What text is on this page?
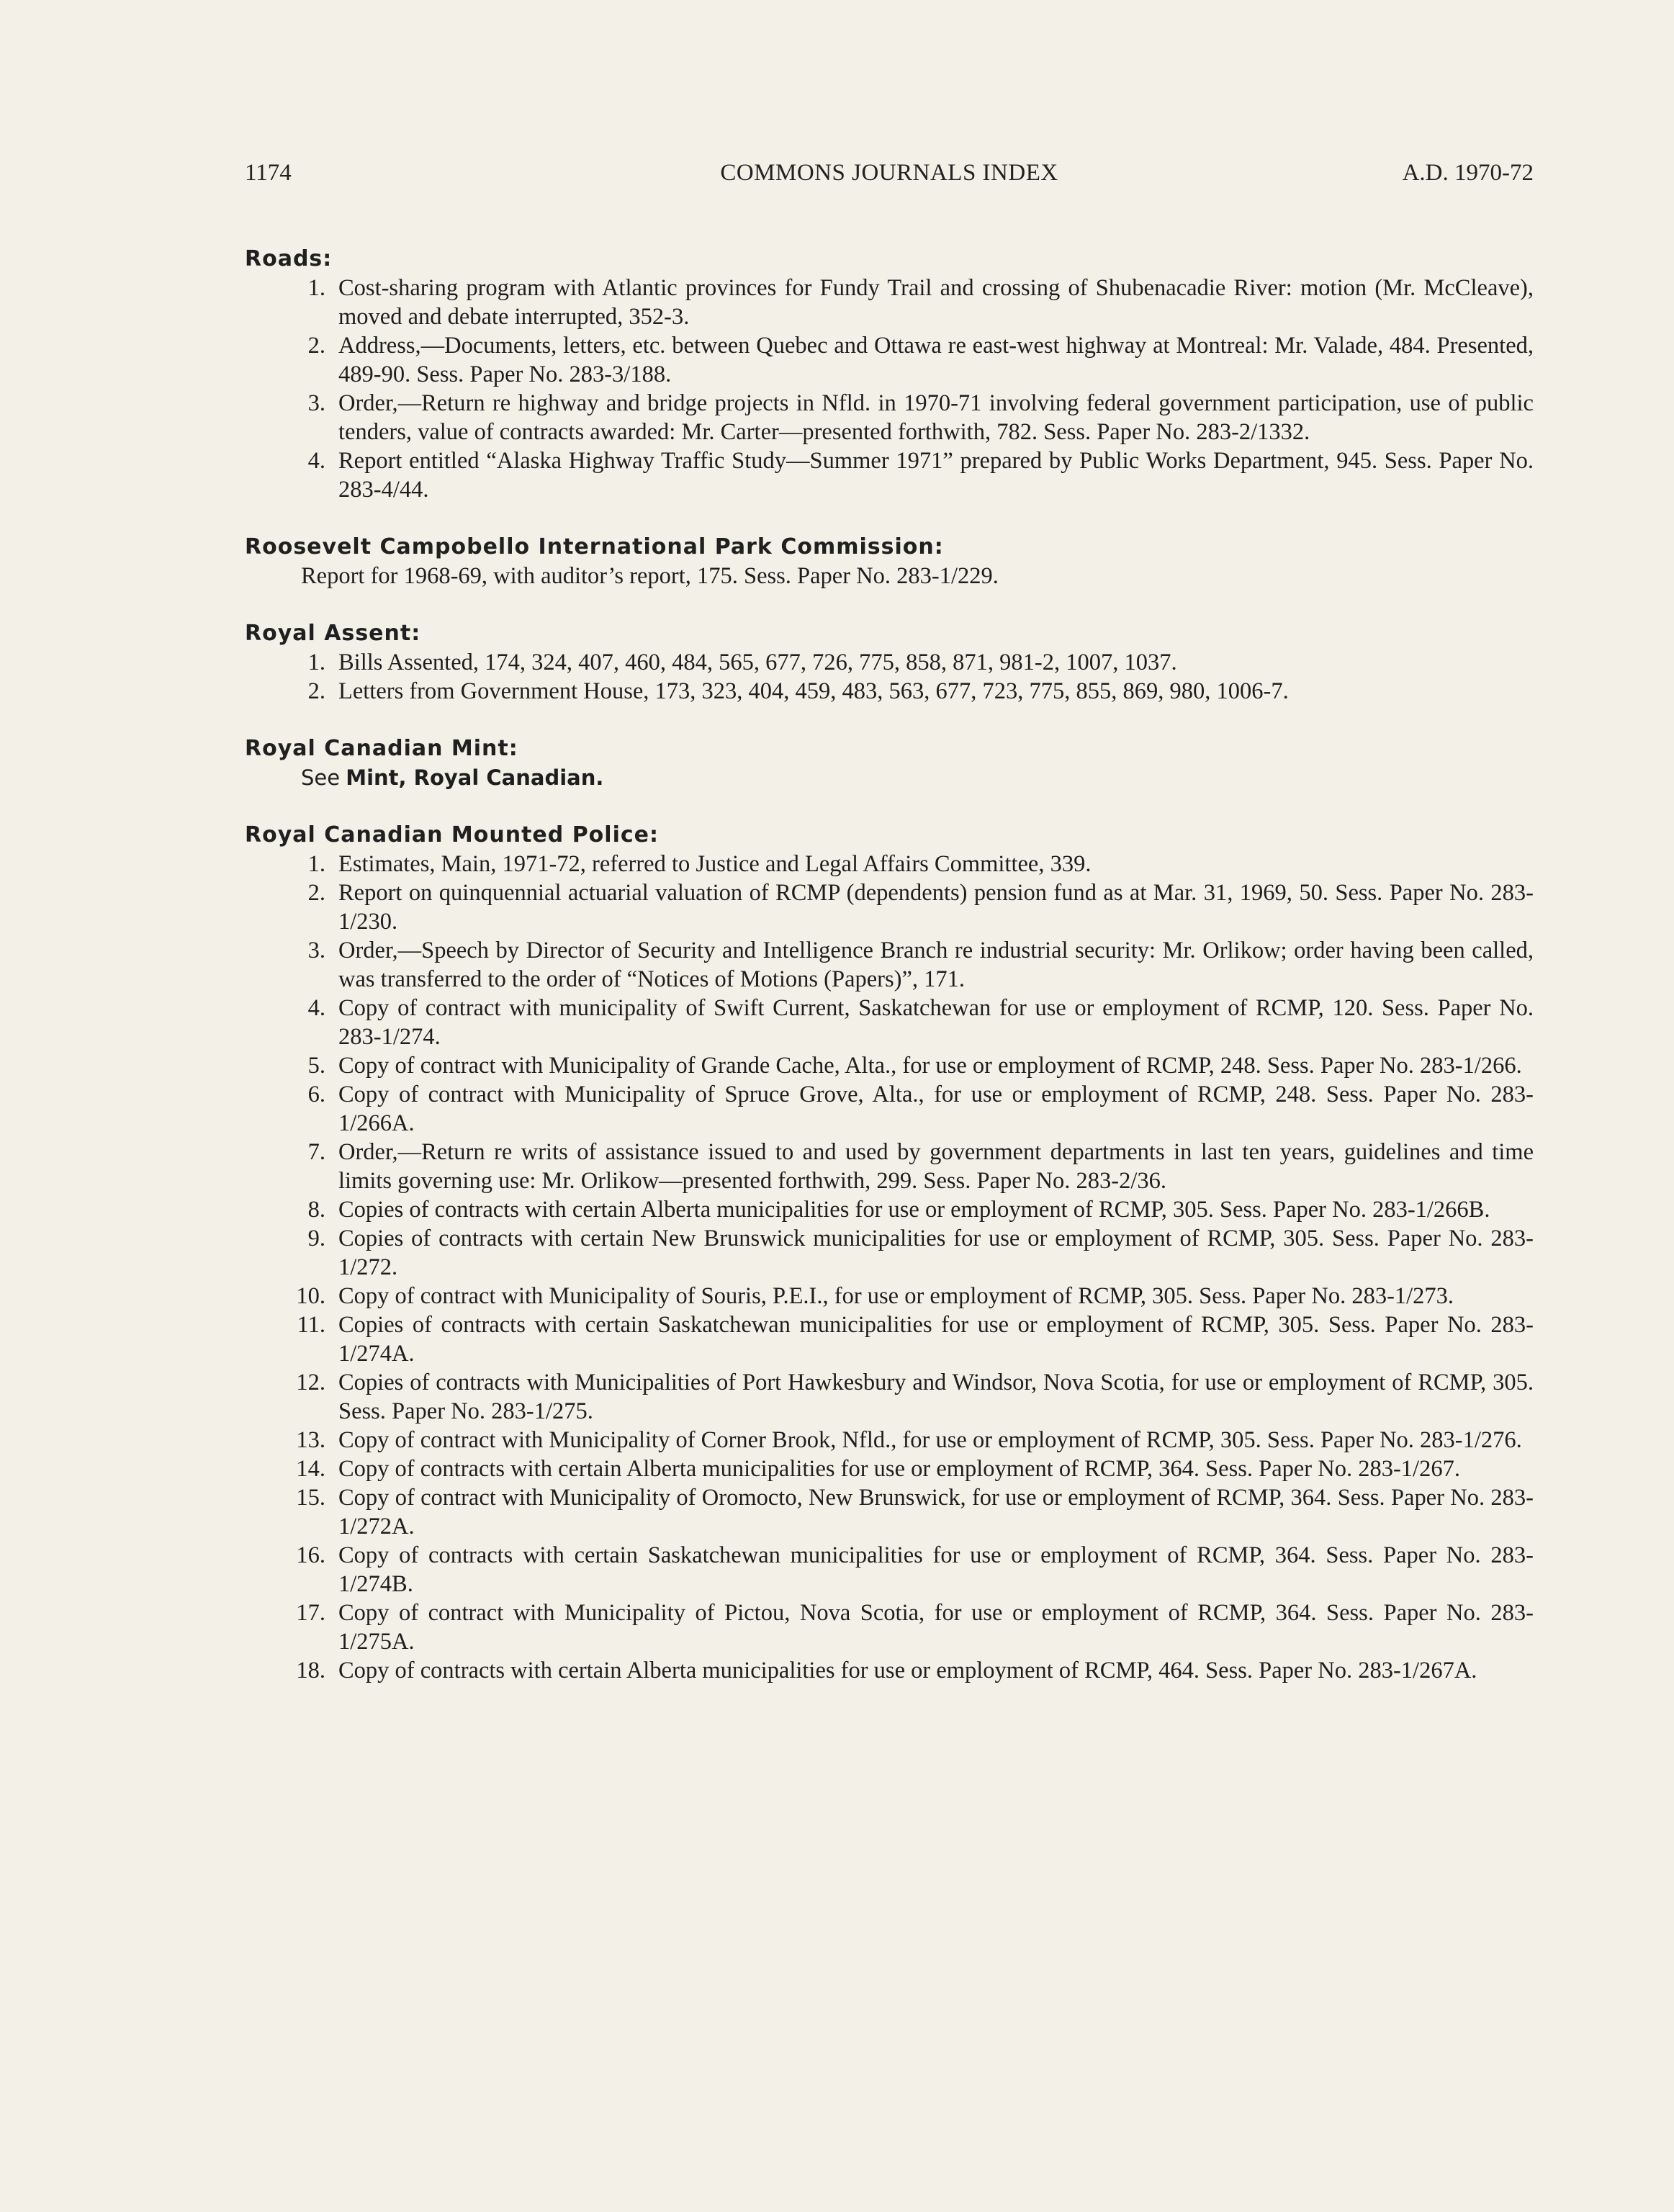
1174	COMMONS JOURNALS INDEX	A.D. 1970-72
Roads:
1. Cost-sharing program with Atlantic provinces for Fundy Trail and crossing of Shubenacadie River: motion (Mr. McCleave), moved and debate interrupted, 352-3.
2. Address,—Documents, letters, etc. between Quebec and Ottawa re east-west highway at Montreal: Mr. Valade, 484. Presented, 489-90. Sess. Paper No. 283-3/188.
3. Order,—Return re highway and bridge projects in Nfld. in 1970-71 involving federal government participation, use of public tenders, value of contracts awarded: Mr. Carter—presented forthwith, 782. Sess. Paper No. 283-2/1332.
4. Report entitled “Alaska Highway Traffic Study—Summer 1971” prepared by Public Works Department, 945. Sess. Paper No. 283-4/44.
Roosevelt Campobello International Park Commission:
Report for 1968-69, with auditor’s report, 175. Sess. Paper No. 283-1/229.
Royal Assent:
1. Bills Assented, 174, 324, 407, 460, 484, 565, 677, 726, 775, 858, 871, 981-2, 1007, 1037.
2. Letters from Government House, 173, 323, 404, 459, 483, 563, 677, 723, 775, 855, 869, 980, 1006-7.
Royal Canadian Mint:
See Mint, Royal Canadian.
Royal Canadian Mounted Police:
1. Estimates, Main, 1971-72, referred to Justice and Legal Affairs Committee, 339.
2. Report on quinquennial actuarial valuation of RCMP (dependents) pension fund as at Mar. 31, 1969, 50. Sess. Paper No. 283-1/230.
3. Order,—Speech by Director of Security and Intelligence Branch re industrial security: Mr. Orlikow; order having been called, was transferred to the order of “Notices of Motions (Papers)”, 171.
4. Copy of contract with municipality of Swift Current, Saskatchewan for use or employment of RCMP, 120. Sess. Paper No. 283-1/274.
5. Copy of contract with Municipality of Grande Cache, Alta., for use or employment of RCMP, 248. Sess. Paper No. 283-1/266.
6. Copy of contract with Municipality of Spruce Grove, Alta., for use or employment of RCMP, 248. Sess. Paper No. 283-1/266A.
7. Order,—Return re writs of assistance issued to and used by government departments in last ten years, guidelines and time limits governing use: Mr. Orlikow—presented forthwith, 299. Sess. Paper No. 283-2/36.
8. Copies of contracts with certain Alberta municipalities for use or employment of RCMP, 305. Sess. Paper No. 283-1/266B.
9. Copies of contracts with certain New Brunswick municipalities for use or employment of RCMP, 305. Sess. Paper No. 283-1/272.
10. Copy of contract with Municipality of Souris, P.E.I., for use or employment of RCMP, 305. Sess. Paper No. 283-1/273.
11. Copies of contracts with certain Saskatchewan municipalities for use or employment of RCMP, 305. Sess. Paper No. 283-1/274A.
12. Copies of contracts with Municipalities of Port Hawkesbury and Windsor, Nova Scotia, for use or employment of RCMP, 305. Sess. Paper No. 283-1/275.
13. Copy of contract with Municipality of Corner Brook, Nfld., for use or employment of RCMP, 305. Sess. Paper No. 283-1/276.
14. Copy of contracts with certain Alberta municipalities for use or employment of RCMP, 364. Sess. Paper No. 283-1/267.
15. Copy of contract with Municipality of Oromocto, New Brunswick, for use or employment of RCMP, 364. Sess. Paper No. 283-1/272A.
16. Copy of contracts with certain Saskatchewan municipalities for use or employment of RCMP, 364. Sess. Paper No. 283-1/274B.
17. Copy of contract with Municipality of Pictou, Nova Scotia, for use or employment of RCMP, 364. Sess. Paper No. 283-1/275A.
18. Copy of contracts with certain Alberta municipalities for use or employment of RCMP, 464. Sess. Paper No. 283-1/267A.
